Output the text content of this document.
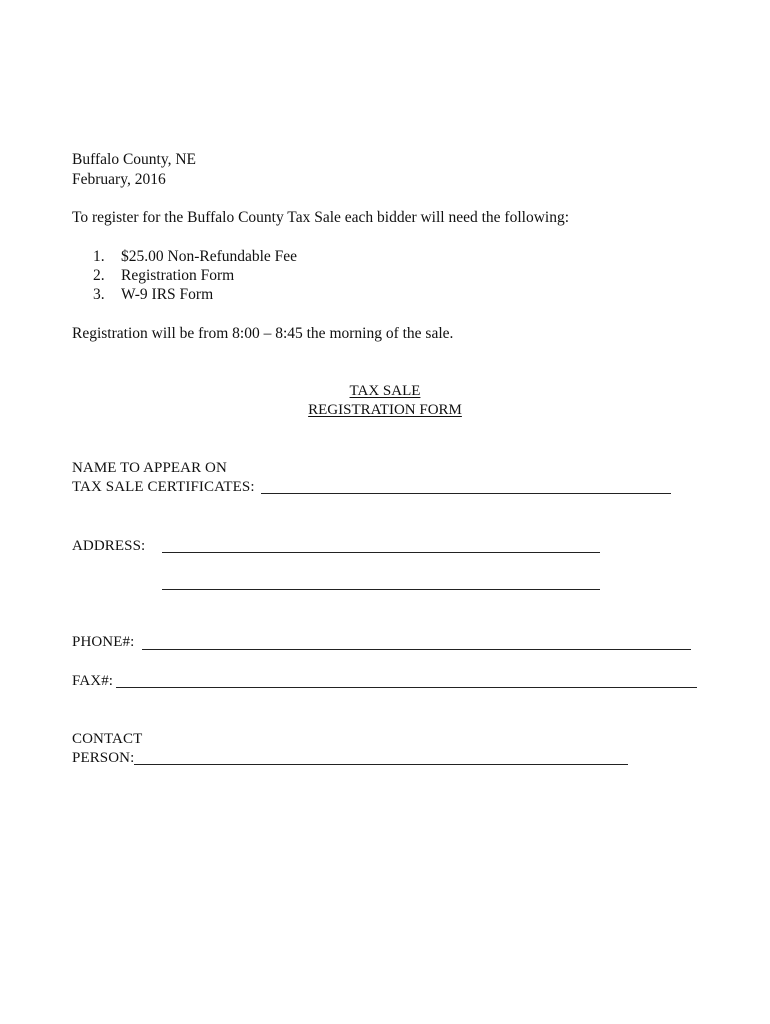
Buffalo County, NE
February, 2016
To register for the Buffalo County Tax Sale each bidder will need the following:
1. $25.00 Non-Refundable Fee
2. Registration Form
3. W-9 IRS Form
Registration will be from 8:00 – 8:45 the morning of the sale.
TAX SALE
REGISTRATION FORM
NAME TO APPEAR ON
TAX SALE CERTIFICATES:
ADDRESS:
PHONE#:
FAX#:
CONTACT
PERSON:
